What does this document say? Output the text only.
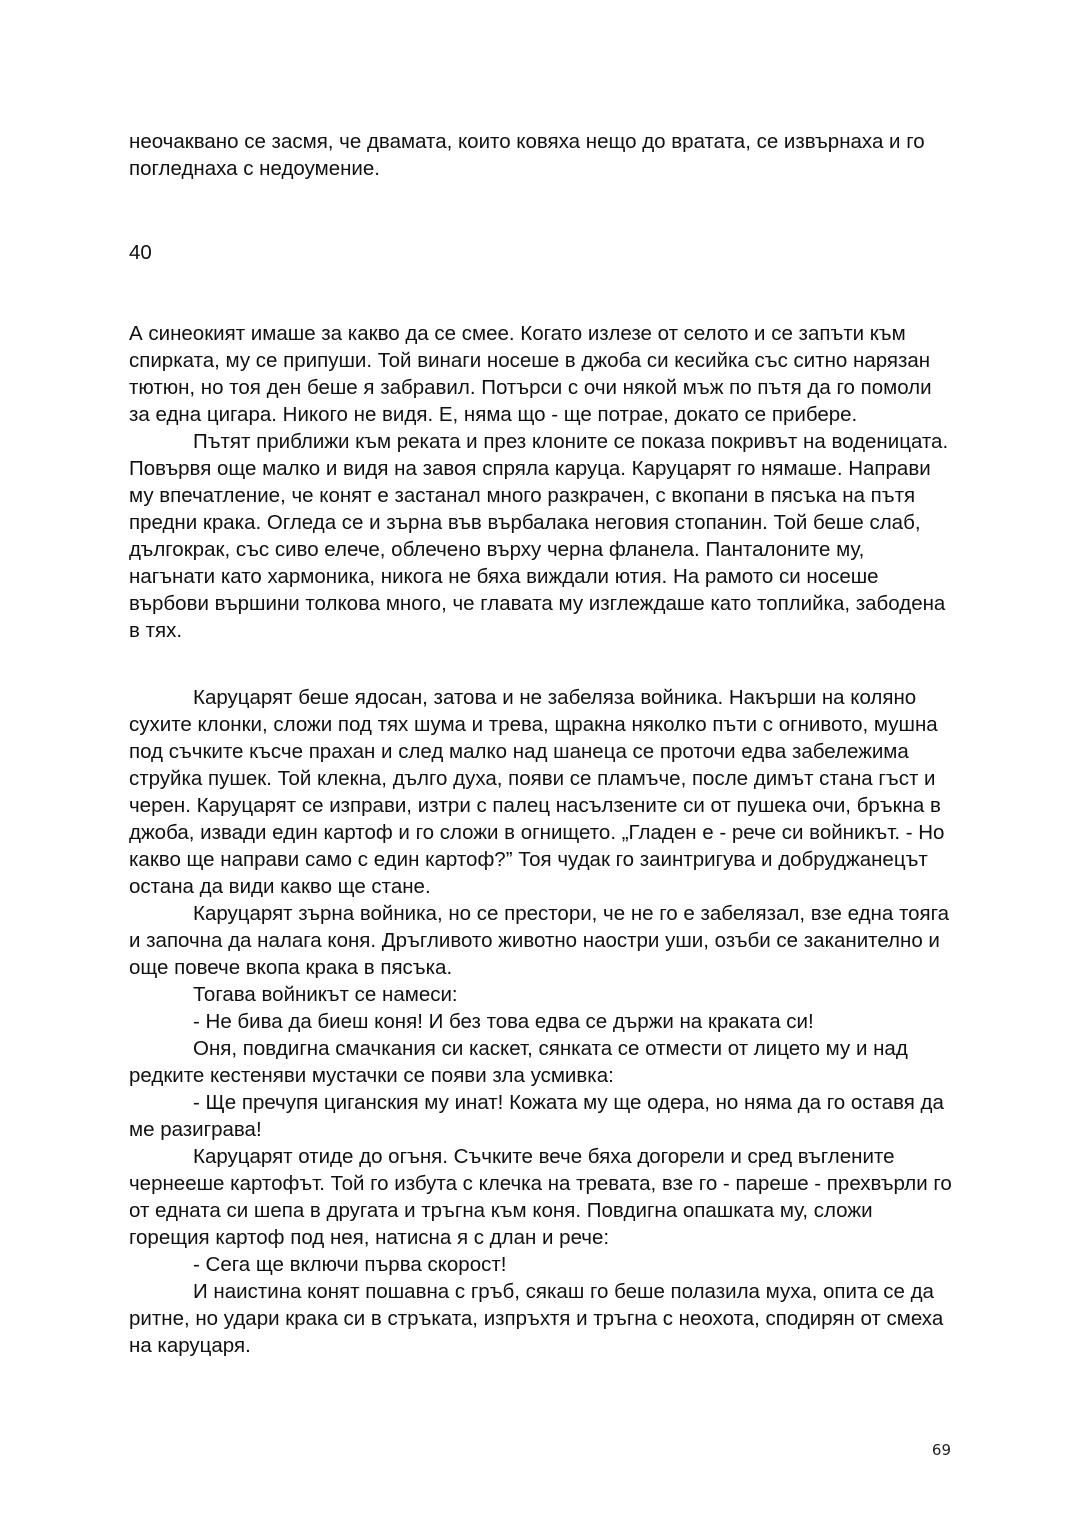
неочаквано се засмя, че двамата, които ковяха нещо до вратата, се извърнаха и го погледнаха с недоумение.

40

А синеокият имаше за какво да се смее. Когато излезе от селото и се запъти към спирката, му се припуши. Той винаги носеше в джоба си кесийка със ситно нарязан тютюн, но тоя ден беше я забравил. Потърси с очи някой мъж по пътя да го помоли за една цигара. Никого не видя. Е, няма що - ще потрае, докато се прибере.

Пътят приближи към реката и през клоните се показа покривът на воденицата. Повървя още малко и видя на завоя спряла каруца. Каруцарят го нямаше. Направи му впечатление, че конят е застанал много разкрачен, с вкопани в пясъка на пътя предни крака. Огледа се и зърна във върбалака неговия стопанин. Той беше слаб, дългокрак, със сиво елече, облечено върху черна фланела. Панталоните му, нагънати като хармоника, никога не бяха виждали ютия. На рамото си носеше върбови вършини толкова много, че главата му изглеждаше като топлийка, забодена в тях.

Каруцарят беше ядосан, затова и не забеляза войника. Накърши на коляно сухите клонки, сложи под тях шума и трева, щракна няколко пъти с огнивото, мушна под съчките късче прахан и след малко над шанеца се проточи едва забележима струйка пушек. Той клекна, дълго духа, появи се пламъче, после димът стана гъст и черен. Каруцарят се изправи, изтри с палец насълзените си от пушека очи, бръкна в джоба, извади един картоф и го сложи в огнището. „Гладен е - рече си войникът. - Но какво ще направи само с един картоф?” Тоя чудак го заинтригува и добруджанецът остана да види какво ще стане.

Каруцарят зърна войника, но се престори, че не го е забелязал, взе една тояга и започна да налага коня. Дръгливото животно наостри уши, озъби се заканително и още повече вкопа крака в пясъка.

Тогава войникът се намеси:

- Не бива да биеш коня! И без това едва се държи на краката си!

Оня, повдигна смачкания си каскет, сянката се отмести от лицето му и над редките кестеняви мустачки се появи зла усмивка:

- Ще пречупя циганския му инат! Кожата му ще одера, но няма да го оставя да ме разиграва!

Каруцарят отиде до огъня. Съчките вече бяха догорели и сред въглените чернееше картофът. Той го избута с клечка на тревата, взе го - пареше - прехвърли го от едната си шепа в другата и тръгна към коня. Повдигна опашката му, сложи горещия картоф под нея, натисна я с длан и рече:

- Сега ще включи първа скорост!

И наистина конят пошавна с гръб, сякаш го беше полазила муха, опита се да ритне, но удари крака си в стръката, изпръхтя и тръгна с неохота, сподирян от смеха на каруцаря.

69
